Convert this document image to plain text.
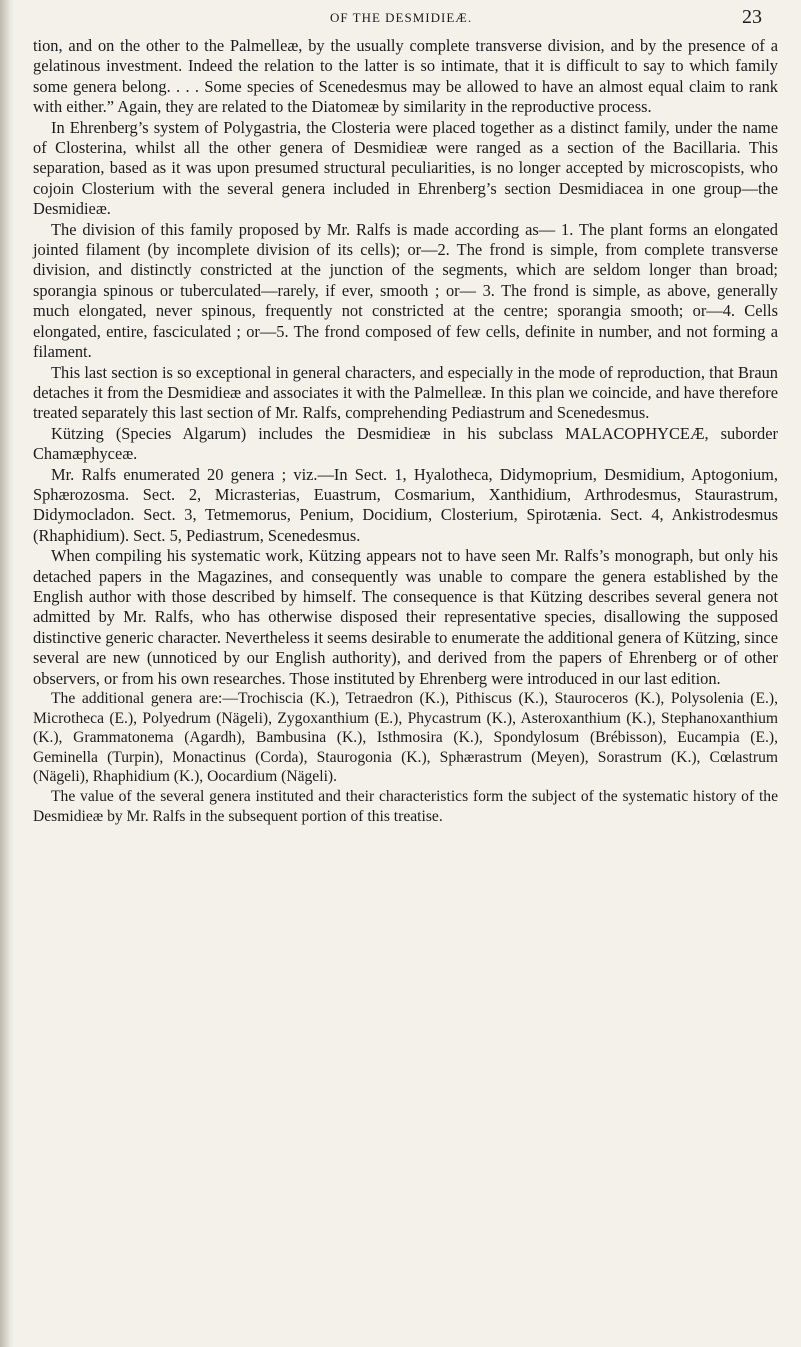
OF THE DESMIDIEÆ.	23

tion, and on the other to the Palmelleæ, by the usually complete transverse division, and by the presence of a gelatinous investment. Indeed the relation to the latter is so intimate, that it is difficult to say to which family some genera belong. . . . Some species of Scenedesmus may be allowed to have an almost equal claim to rank with either.” Again, they are related to the Diatomeæ by similarity in the reproductive process.

In Ehrenberg’s system of Polygastria, the Closteria were placed together as a distinct family, under the name of Closterina, whilst all the other genera of Desmidieæ were ranged as a section of the Bacillaria. This separation, based as it was upon presumed structural peculiarities, is no longer accepted by microscopists, who cojoin Closterium with the several genera included in Ehrenberg’s section Desmidiacea in one group—the Desmidieæ.

The division of this family proposed by Mr. Ralfs is made according as— 1. The plant forms an elongated jointed filament (by incomplete division of its cells); or—2. The frond is simple, from complete transverse division, and distinctly constricted at the junction of the segments, which are seldom longer than broad; sporangia spinous or tuberculated—rarely, if ever, smooth ; or— 3. The frond is simple, as above, generally much elongated, never spinous, frequently not constricted at the centre; sporangia smooth; or—4. Cells elongated, entire, fasciculated ; or—5. The frond composed of few cells, definite in number, and not forming a filament.

This last section is so exceptional in general characters, and especially in the mode of reproduction, that Braun detaches it from the Desmidieæ and associates it with the Palmelleæ. In this plan we coincide, and have therefore treated separately this last section of Mr. Ralfs, comprehending Pediastrum and Scenedesmus.

Kützing (Species Algarum) includes the Desmidieæ in his subclass MALACOPHYCEÆ, suborder Chamæphyceæ.

Mr. Ralfs enumerated 20 genera ; viz.—In Sect. 1, Hyalotheca, Didymoprium, Desmidium, Aptogonium, Sphærozosma. Sect. 2, Micrasterias, Euastrum, Cosmarium, Xanthidium, Arthrodesmus, Staurastrum, Didymocladon. Sect. 3, Tetmemorus, Penium, Docidium, Closterium, Spirotænia. Sect. 4, Ankistrodesmus (Rhaphidium). Sect. 5, Pediastrum, Scenedesmus.

When compiling his systematic work, Kützing appears not to have seen Mr. Ralfs’s monograph, but only his detached papers in the Magazines, and consequently was unable to compare the genera established by the English author with those described by himself. The consequence is that Kützing describes several genera not admitted by Mr. Ralfs, who has otherwise disposed their representative species, disallowing the supposed distinctive generic character. Nevertheless it seems desirable to enumerate the additional genera of Kützing, since several are new (unnoticed by our English authority), and derived from the papers of Ehrenberg or of other observers, or from his own researches. Those instituted by Ehrenberg were introduced in our last edition.

The additional genera are:—Trochiscia (K.), Tetraedron (K.), Pithiscus (K.), Stauroceros (K.), Polysolenia (E.), Microtheca (E.), Polyedrum (Nägeli), Zygoxanthium (E.), Phycastrum (K.), Asteroxanthium (K.), Stephanoxanthium (K.), Grammatonema (Agardh), Bambusina (K.), Isthmosira (K.), Spondylosum (Brébisson), Eucampia (E.), Geminella (Turpin), Monactinus (Corda), Staurogonia (K.), Sphærastrum (Meyen), Sorastrum (K.), Cœlastrum (Nägeli), Rhaphidium (K.), Oocardium (Nägeli).

The value of the several genera instituted and their characteristics form the subject of the systematic history of the Desmidieæ by Mr. Ralfs in the subsequent portion of this treatise.
